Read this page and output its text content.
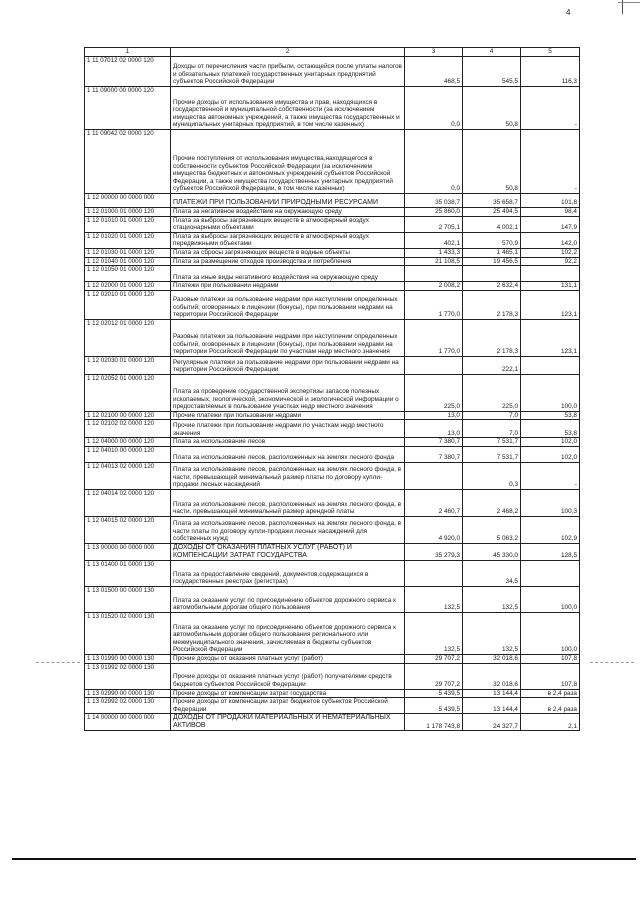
4
1	2	3	4	5
1 11 07012 02 0000 120	Доходы от перечисления части прибыли, остающейся после уплаты налогов и обязательных платежей государственных унитарных предприятий субъектов Российской Федерации	468,5	545,5	116,3
1 11 09000 00 0000 120	Прочие доходы от использования имущества и прав, находящихся в государственной и муниципальной собственности (за исключением имущества автономных учреждений, а также имущества государственных и муниципальных унитарных предприятий, в том числе казенных)	0,0	50,8	-
1 11 09042 02 0000 120	Прочие поступления от использования имущества,находящегося в собственности субъектов Российской Федерации (за исключением имущества бюджетных и автономных учреждений субъектов Российской Федерации, а также имущества государственных унитарных предприятий субъектов Российской Федерации, в том числе казенных)	0,0	50,8	-
1 12 00000 00 0000 000	ПЛАТЕЖИ ПРИ ПОЛЬЗОВАНИИ ПРИРОДНЫМИ РЕСУРСАМИ	35 038,7	35 658,7	101,8
1 12 01000 01 0000 120	Плата за негативное воздействие на окружающую среду	25 860,0	25 494,5	98,4
1 12 01010 01 0000 120	Плата за выбросы загрязняющих веществ в атмосферный воздух стационарными объектами	2 705,1	4 002,1	147,9
1 12 01020 01 0000 120	Плата за выбросы загрязняющих веществ в атмосферный воздух передвижными объектами	402,1	570,9	142,0
1 12 01030 01 0000 120	Плата за сбросы загрязняющих веществ в водные объекты	1 433,3	1 465,1	102,2
1 12 01040 01 0000 120	Плата за размещение отходов производства и потребления	21 108,5	19 456,5	92,2
1 12 01050 01 0000 120	Плата за иные виды негативного воздействия на окружающую среду			
1 12 02000 01 0000 120	Платежи при пользовании недрами	2 008,2	2 632,4	131,1
1 12 02010 01 0000 120	Разовые платежи за пользование недрами при наступлении определенных событий, оговоренных в лицензии (бонусы), при пользовании недрами на территории Российской Федерации	1 770,0	2 178,3	123,1
1 12 02012 01 0000 120	Разовые платежи за пользование недрами при наступлении определенных событий, оговоренных в лицензии (бонусы), при пользовании недрами на территории Российской Федерации по участкам недр местного значения	1 770,0	2 178,3	123,1
1 12 02030 01 0000 120	Регулярные платежи за пользование недрами при пользовании недрами на территории Российской Федерации		222,1	
1 12 02052 01 0000 120	Плата за проведение государственной экспертизы запасов полезных ископаемых, геологической, экономической и экологической информации о предоставляемых в пользование участках недр местного значения	225,0	225,0	100,0
1 12 02100 00 0000 120	Прочие платежи при пользовании недрами	13,0	7,0	53,8
1 12 02102 02 0000 120	Прочие платежи при пользовании недрами по участкам недр местного значения	13,0	7,0	53,8
1 12 04000 00 0000 120	Плата за использование лесов	7 380,7	7 531,7	102,0
1 12 04010 00 0000 120	Плата за использование лесов, расположенных на землях лесного фонда	7 380,7	7 531,7	102,0
1 12 04013 02 0000 120	Плата за использование лесов, расположенных на землях лесного фонда, в части, превышающей минимальный размер платы по договору купли-продажи лесных насаждений		0,3	-
1 12 04014 02 0000 120	Плата за использование лесов, расположенных на землях лесного фонда, в части, превышающей минимальный размер арендной платы	2 460,7	2 468,2	100,3
1 12 04015 02 0000 120	Плата за использование лесов, расположенных на землях лесного фонда, в части платы по договору купли-продажи лесных насаждений для собственных нужд	4 920,0	5 063,2	102,9
1 13 00000 00 0000 000	ДОХОДЫ ОТ ОКАЗАНИЯ ПЛАТНЫХ УСЛУГ (РАБОТ) И КОМПЕНСАЦИИ ЗАТРАТ ГОСУДАРСТВА	35 279,3	45 330,0	128,5
1 13 01400 01 0000 130	Плата за предоставление сведений, документов,содержащихся в государственных реестрах (регистрах)		34,5	
1 13 01500 00 0000 130	Плата за оказание услуг по присоединению объектов дорожного сервиса к автомобильным дорогам общего пользования	132,5	132,5	100,0
1 13 01520 02 0000 130	Плата за оказание услуг по присоединению объектов дорожного сервиса к автомобильным дорогам общего пользования регионального или межмуниципального значения, зачисляемая в бюджеты субъектов Российской Федерации	132,5	132,5	100,0
1 13 01990 00 0000 130	Прочие доходы от оказания платных услуг (работ)	29 707,2	32 018,6	107,8
1 13 01992 02 0000 130	Прочие доходы от оказания платных услуг (работ) получателями средств бюджетов субъектов Российской Федерации	29 707,2	32 018,6	107,8
1 13 02990 00 0000 130	Прочие доходы от компенсации затрат государства	5 439,5	13 144,4	в 2,4 раза
1 13 02992 02 0000 130	Прочие доходы от компенсации затрат бюджетов субъектов Российской Федерации	5 439,5	13 144,4	в 2,4 раза
1 14 00000 00 0000 000	ДОХОДЫ ОТ ПРОДАЖИ МАТЕРИАЛЬНЫХ И НЕМАТЕРИАЛЬНЫХ АКТИВОВ	1 178 743,8	24 327,7	2,1
